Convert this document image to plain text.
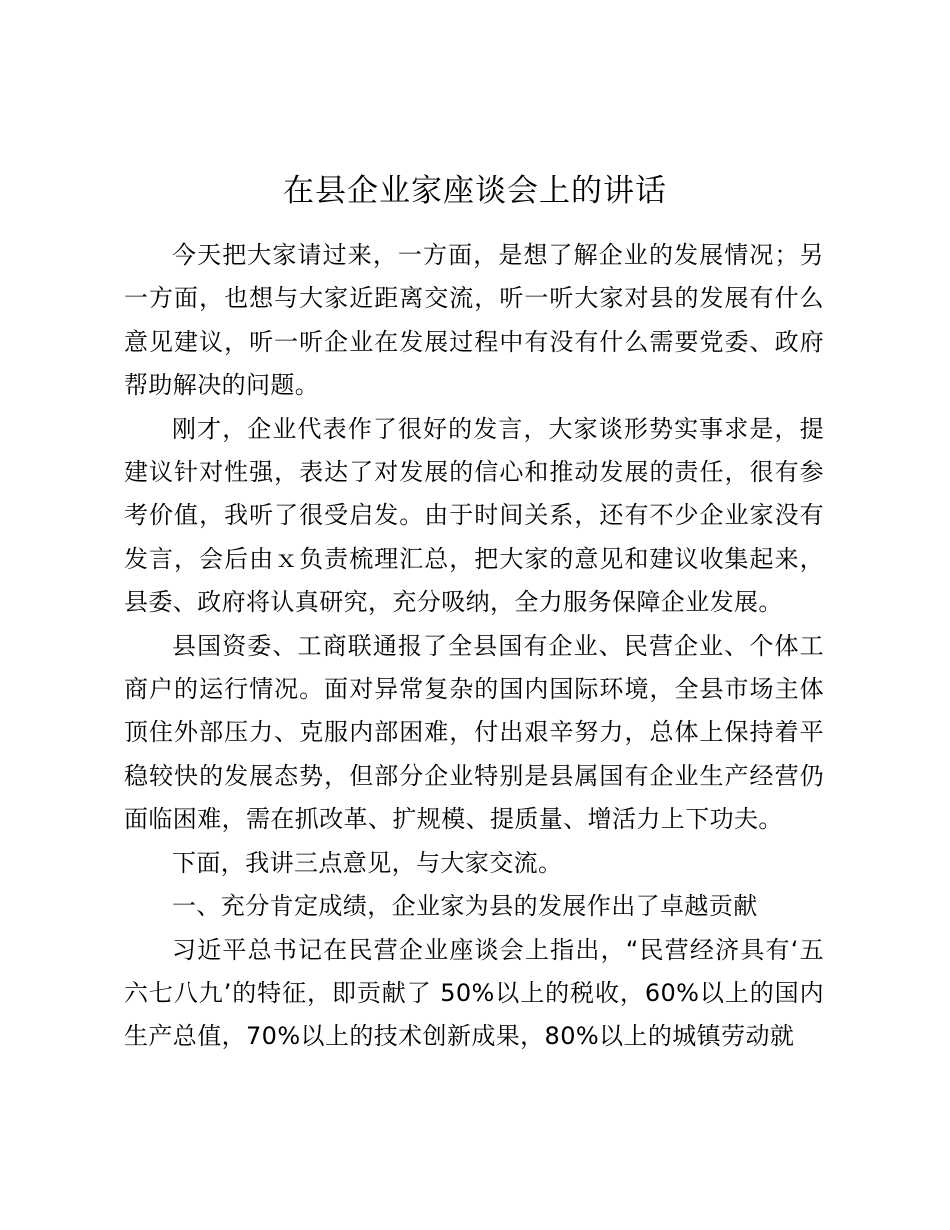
在县企业家座谈会上的讲话

今天把大家请过来，一方面，是想了解企业的发展情况；另一方面，也想与大家近距离交流，听一听大家对县的发展有什么意见建议，听一听企业在发展过程中有没有什么需要党委、政府帮助解决的问题。

刚才，企业代表作了很好的发言，大家谈形势实事求是，提建议针对性强，表达了对发展的信心和推动发展的责任，很有参考价值，我听了很受启发。由于时间关系，还有不少企业家没有发言，会后由ｘ负责梳理汇总，把大家的意见和建议收集起来，县委、政府将认真研究，充分吸纳，全力服务保障企业发展。

县国资委、工商联通报了全县国有企业、民营企业、个体工商户的运行情况。面对异常复杂的国内国际环境，全县市场主体顶住外部压力、克服内部困难，付出艰辛努力，总体上保持着平稳较快的发展态势，但部分企业特别是县属国有企业生产经营仍面临困难，需在抓改革、扩规模、提质量、增活力上下功夫。

下面，我讲三点意见，与大家交流。

一、充分肯定成绩，企业家为县的发展作出了卓越贡献

习近平总书记在民营企业座谈会上指出，“民营经济具有‘五六七八九’的特征，即贡献了 50%以上的税收，60%以上的国内生产总值，70%以上的技术创新成果，80%以上的城镇劳动就
